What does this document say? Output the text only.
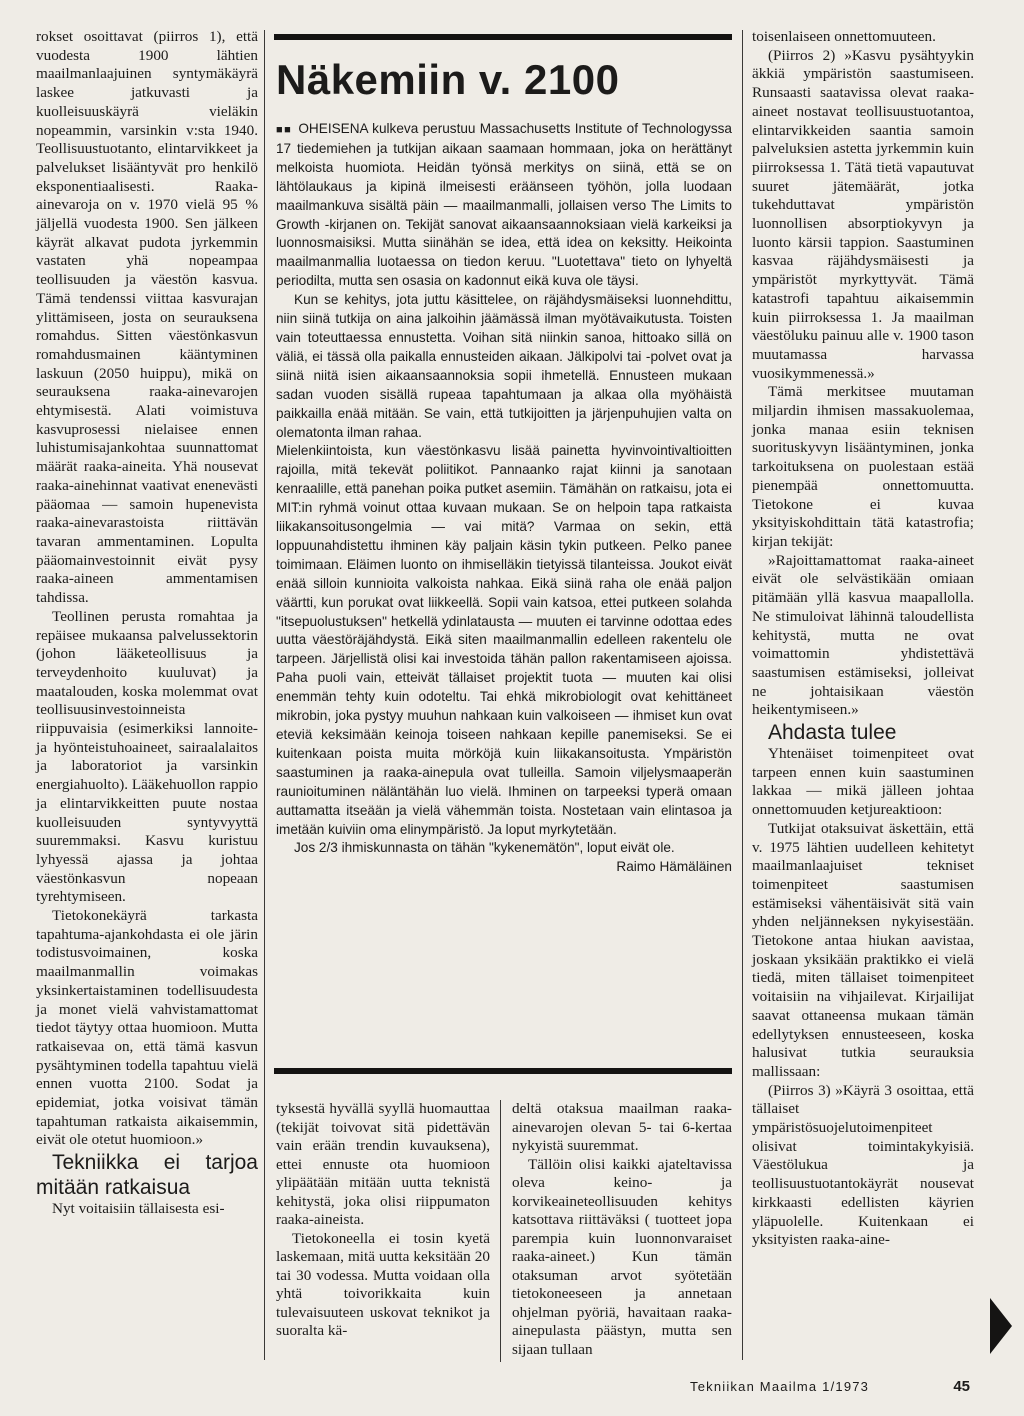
rokset osoittavat (piirros 1), että vuodesta 1900 lähtien maailmanlaajuinen syntymäkäyrä laskee jatkuvasti ja kuolleisuuskäyrä vieläkin nopeammin, varsinkin v:sta 1940. Teollisuustuotanto, elintarvikkeet ja palvelukset lisääntyvät pro henkilö eksponentiaalisesti. Raaka-ainevaroja on v. 1970 vielä 95 % jäljellä vuodesta 1900. Sen jälkeen käyrät alkavat pudota jyrkemmin vastaten yhä nopeampaa teollisuuden ja väestön kasvua. Tämä tendenssi viittaa kasvurajan ylittämiseen, josta on seurauksena romahdus. Sitten väestönkasvun romahdusmainen kääntyminen laskuun (2050 huippu), mikä on seurauksena raaka-ainevarojen ehtymisestä. Alati voimistuva kasvuprosessi nielaisee ennen luhistumisajankohtaa suunnattomat määrät raaka-aineita. Yhä nousevat raaka-ainehinnat vaativat enenevästi pääomaa — samoin hupenevista raaka-ainevarastoista riittävän tavaran ammentaminen. Lopulta pääomainvestoinnit eivät pysy raaka-aineen ammentamisen tahdissa.

Teollinen perusta romahtaa ja repäisee mukaansa palvelussektorin (johon lääketeollisuus ja terveydenhoito kuuluvat) ja maatalouden, koska molemmat ovat teollisuusinvestoinneista riippuvaisia (esimerkiksi lannoite- ja hyönteistuhoaineet, sairaalalaitos ja laboratoriot ja varsinkin energiahuolto). Lääkehuollon rappio ja elintarvikkeitten puute nostaa kuolleisuuden syntyvyyttä suuremmaksi. Kasvu kuristuu lyhyessä ajassa ja johtaa väestönkasvun nopeaan tyrehtymiseen.

Tietokonekäyrä tarkasta tapahtuma-ajankohdasta ei ole järin todistusvoimainen, koska maailmanmallin voimakas yksinkertaistaminen todellisuudesta ja monet vielä vahvistamattomat tiedot täytyy ottaa huomioon. Mutta ratkaisevaa on, että tämä kasvun pysähtyminen todella tapahtuu vielä ennen vuotta 2100. Sodat ja epidemiat, jotka voisivat tämän tapahtuman ratkaista aikaisemmin, eivät ole otetut huomioon.»

Tekniikka ei tarjoa mitään ratkaisua

Nyt voitaisiin tällaisesta esi-

Näkemiin v. 2100

■■ OHEISENA kulkeva perustuu Massachusetts Institute of Technologyssa 17 tiedemiehen ja tutkijan aikaan saamaan hommaan, joka on herättänyt melkoista huomiota. Heidän työnsä merkitys on siinä, että se on lähtölaukaus ja kipinä ilmeisesti eräänseen työhön, jolla luodaan maailmankuva sisältä päin — maailmanmalli, jollaisen verso The Limits to Growth -kirjanen on. Tekijät sanovat aikaansaannoksiaan vielä karkeiksi ja luonnosmaisiksi. Mutta siinähän se idea, että idea on keksitty. Heikointa maailmanmallia luotaessa on tiedon keruu. "Luotettava" tieto on lyhyeltä periodilta, mutta sen osasia on kadonnut eikä kuva ole täysi.

Kun se kehitys, jota juttu käsittelee, on räjähdysmäiseksi luonnehdittu, niin siinä tutkija on aina jalkoihin jäämässä ilman myötävaikutusta. Toisten vain toteuttaessa ennustetta. Voihan sitä niinkin sanoa, hittoako sillä on väliä, ei tässä olla paikalla ennusteiden aikaan. Jälkipolvi tai -polvet ovat ja siinä niitä isien aikaansaannoksia sopii ihmetellä. Ennusteen mukaan sadan vuoden sisällä rupeaa tapahtumaan ja alkaa olla myöhäistä paikkailla enää mitään. Se vain, että tutkijoitten ja järjenpuhujien valta on olematonta ilman rahaa.

Mielenkiintoista, kun väestönkasvu lisää painetta hyvinvointivaltioitten rajoilla, mitä tekevät poliitikot. Pannaanko rajat kiinni ja sanotaan kenraalille, että panehan poika putket asemiin. Tämähän on ratkaisu, jota ei MIT:in ryhmä voinut ottaa kuvaan mukaan. Se on helpoin tapa ratkaista liikakansoitusongelmia — vai mitä? Varmaa on sekin, että loppuunahdistettu ihminen käy paljain käsin tykin putkeen. Pelko panee toimimaan. Eläimen luonto on ihmiselläkin tietyissä tilanteissa. Joukot eivät enää silloin kunnioita valkoista nahkaa. Eikä siinä raha ole enää paljon väärtti, kun porukat ovat liikkeellä. Sopii vain katsoa, ettei putkeen solahda "itsepuolustuksen" hetkellä ydinlatausta — muuten ei tarvinne odottaa edes uutta väestöräjähdystä. Eikä siten maailmanmallin edelleen rakentelu ole tarpeen. Järjellistä olisi kai investoida tähän pallon rakentamiseen ajoissa. Paha puoli vain, etteivät tällaiset projektit tuota — muuten kai olisi enemmän tehty kuin odoteltu. Tai ehkä mikrobiologit ovat kehittäneet mikrobin, joka pystyy muuhun nahkaan kuin valkoiseen — ihmiset kun ovat eteviä keksimään keinoja toiseen nahkaan kepille panemiseksi. Se ei kuitenkaan poista muita mörköjä kuin liikakansoitusta. Ympäristön saastuminen ja raaka-ainepula ovat tulleilla. Samoin viljelysmaaperän raunioituminen näläntähän luo vielä. Ihminen on tarpeeksi typerä omaan auttamatta itseään ja vielä vähemmän toista. Nostetaan vain elintasoa ja imetään kuiviin oma elinympäristö. Ja loput myrkytetään.

Jos 2/3 ihmiskunnasta on tähän "kykenemätön", loput eivät ole.

Raimo Hämäläinen

tyksestä hyvällä syyllä huomauttaa (tekijät toivovat sitä pidettävän vain erään trendin kuvauksena), ettei ennuste ota huomioon ylipäätään mitään uutta teknistä kehitystä, joka olisi riippumaton raaka-aineista.

Tietokoneella ei tosin kyetä laskemaan, mitä uutta keksitään 20 tai 30 vodessa. Mutta voidaan olla yhtä toivorikkaita kuin tulevaisuuteen uskovat teknikot ja suoralta kä-

deltä otaksua maailman raaka-ainevarojen olevan 5- tai 6-kertaa nykyistä suuremmat.

Tällöin olisi kaikki ajateltavissa oleva keino- ja korvikeaineteollisuuden kehitys katsottava riittäväksi ( tuotteet jopa parempia kuin luonnonvaraiset raaka-aineet.) Kun tämän otaksuman arvot syötetään tietokoneeseen ja annetaan ohjelman pyöriä, havaitaan raaka-ainepulasta päästyn, mutta sen sijaan tullaan

toisenlaiseen onnettomuuteen.

(Piirros 2) »Kasvu pysähtyykin äkkiä ympäristön saastumiseen. Runsaasti saatavissa olevat raaka-aineet nostavat teollisuustuotantoa, elintarvikkeiden saantia samoin palveluksien astetta jyrkemmin kuin piirroksessa 1. Tätä tietä vapautuvat suuret jätemäärät, jotka tukehduttavat ympäristön luonnollisen absorptiokyvyn ja luonto kärsii tappion. Saastuminen kasvaa räjähdysmäisesti ja ympäristöt myrkyttyvät. Tämä katastrofi tapahtuu aikaisemmin kuin piirroksessa 1. Ja maailman väestöluku painuu alle v. 1900 tason muutamassa harvassa vuosikymmenessä.»

Tämä merkitsee muutaman miljardin ihmisen massakuolemaa, jonka manaa esiin teknisen suorituskyvyn lisääntyminen, jonka tarkoituksena on puolestaan estää pienempää onnettomuutta. Tietokone ei kuvaa yksityiskohdittain tätä katastrofia; kirjan tekijät:

»Rajoittamattomat raaka-aineet eivät ole selvästikään omiaan pitämään yllä kasvua maapallolla. Ne stimuloivat lähinnä taloudellista kehitystä, mutta ne ovat voimattomin yhdistettävä saastumisen estämiseksi, jolleivat ne johtaisikaan väestön heikentymiseen.»

Ahdasta tulee

Yhtenäiset toimenpiteet ovat tarpeen ennen kuin saastuminen lakkaa — mikä jälleen johtaa onnettomuuden ketjureaktioon:

Tutkijat otaksuivat äskettäin, että v. 1975 lähtien uudelleen kehitetyt maailmanlaajuiset tekniset toimenpiteet saastumisen estämiseksi vähentäisivät sitä vain yhden neljänneksen nykyisestään. Tietokone antaa hiukan aavistaa, joskaan yksikään praktikko ei vielä tiedä, miten tällaiset toimenpiteet voitaisiin na vihjailevat. Kirjailijat saavat ottaneensa mukaan tämän edellytyksen ennusteeseen, koska halusivat tutkia seurauksia mallissaan:

(Piirros 3) »Käyrä 3 osoittaa, että tällaiset ympäristösuojelutoimenpiteet olisivat toimintakykyisiä. Väestölukua ja teollisuustuotantokäyrät nousevat kirkkaasti edellisten käyrien yläpuolelle. Kuitenkaan ei yksityisten raaka-aine-

Tekniikan Maailma 1/1973	45
